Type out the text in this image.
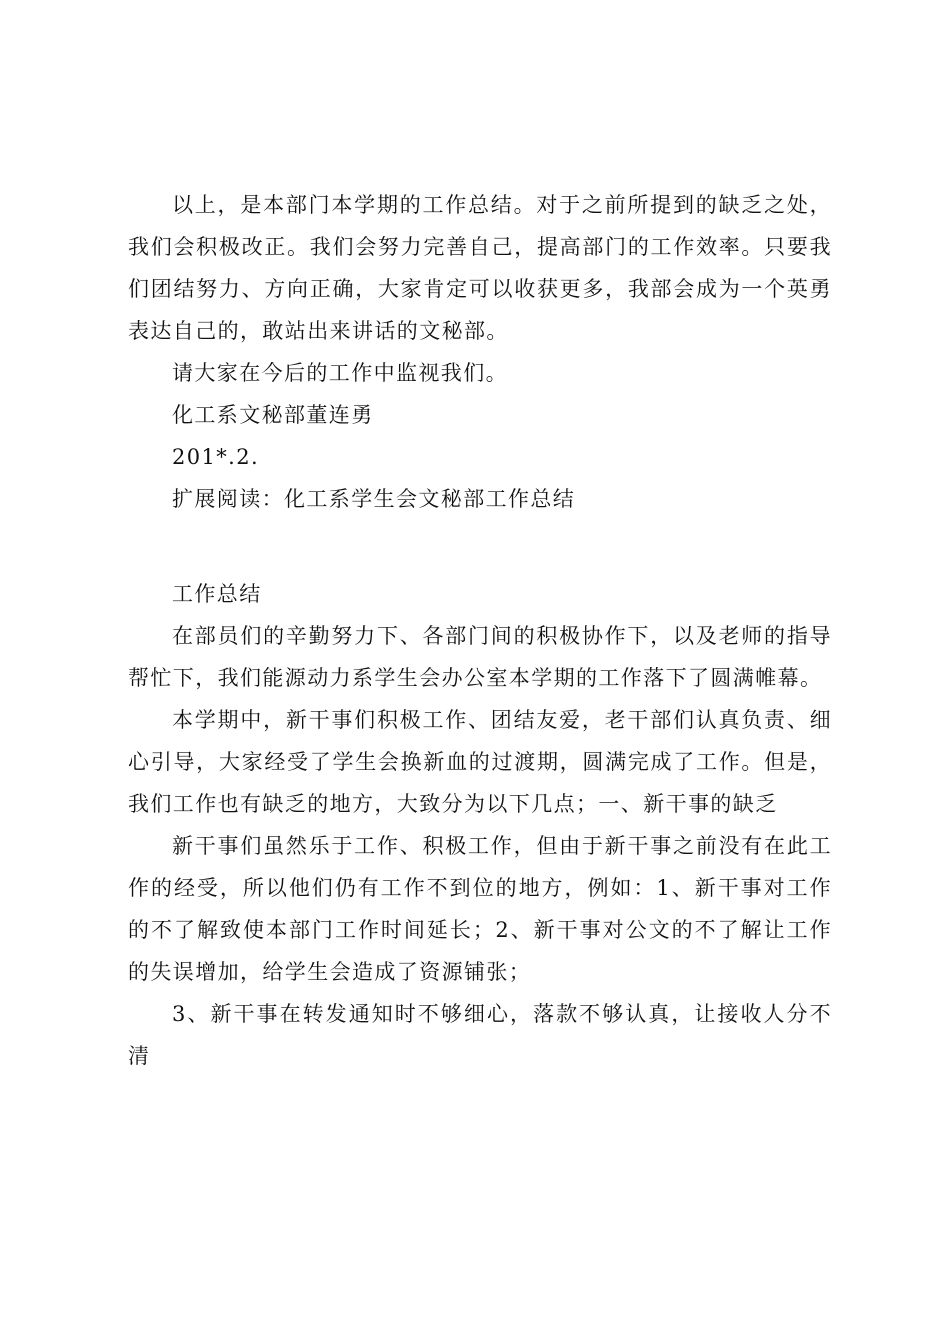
以上，是本部门本学期的工作总结。对于之前所提到的缺乏之处，我们会积极改正。我们会努力完善自己，提高部门的工作效率。只要我们团结努力、方向正确，大家肯定可以收获更多，我部会成为一个英勇表达自己的，敢站出来讲话的文秘部。

请大家在今后的工作中监视我们。

化工系文秘部董连勇

201*.2.

扩展阅读：化工系学生会文秘部工作总结

工作总结

在部员们的辛勤努力下、各部门间的积极协作下，以及老师的指导帮忙下，我们能源动力系学生会办公室本学期的工作落下了圆满帷幕。

本学期中，新干事们积极工作、团结友爱，老干部们认真负责、细心引导，大家经受了学生会换新血的过渡期，圆满完成了工作。但是，我们工作也有缺乏的地方，大致分为以下几点；一、新干事的缺乏

新干事们虽然乐于工作、积极工作，但由于新干事之前没有在此工作的经受，所以他们仍有工作不到位的地方，例如：1、新干事对工作的不了解致使本部门工作时间延长；2、新干事对公文的不了解让工作的失误增加，给学生会造成了资源铺张；

3、新干事在转发通知时不够细心，落款不够认真，让接收人分不清
